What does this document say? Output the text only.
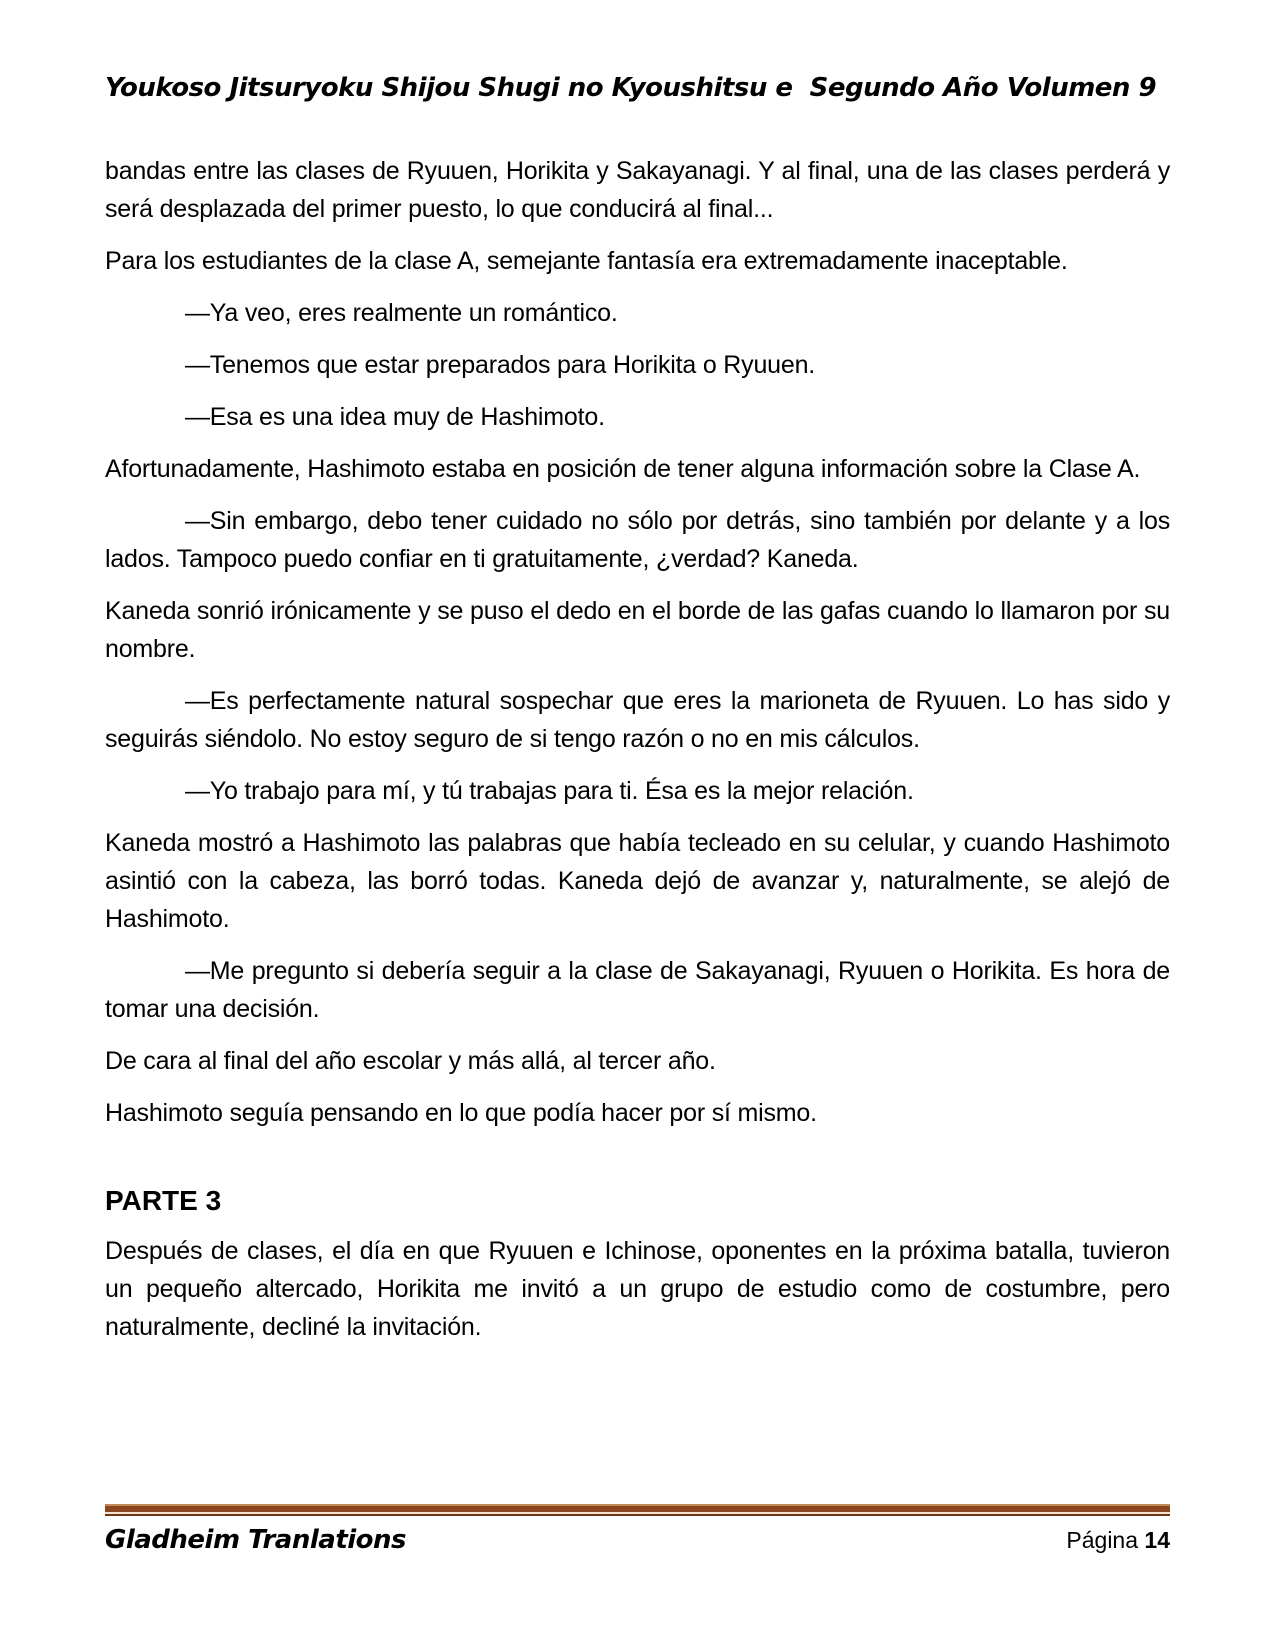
Youkoso Jitsuryoku Shijou Shugi no Kyoushitsu e  Segundo Año Volumen 9

bandas entre las clases de Ryuuen, Horikita y Sakayanagi. Y al final, una de las clases perderá y será desplazada del primer puesto, lo que conducirá al final...

Para los estudiantes de la clase A, semejante fantasía era extremadamente inaceptable.

—Ya veo, eres realmente un romántico.

—Tenemos que estar preparados para Horikita o Ryuuen.

—Esa es una idea muy de Hashimoto.

Afortunadamente, Hashimoto estaba en posición de tener alguna información sobre la Clase A.

—Sin embargo, debo tener cuidado no sólo por detrás, sino también por delante y a los lados. Tampoco puedo confiar en ti gratuitamente, ¿verdad? Kaneda.

Kaneda sonrió irónicamente y se puso el dedo en el borde de las gafas cuando lo llamaron por su nombre.

—Es perfectamente natural sospechar que eres la marioneta de Ryuuen. Lo has sido y seguirás siéndolo. No estoy seguro de si tengo razón o no en mis cálculos.

—Yo trabajo para mí, y tú trabajas para ti. Ésa es la mejor relación.

Kaneda mostró a Hashimoto las palabras que había tecleado en su celular, y cuando Hashimoto asintió con la cabeza, las borró todas. Kaneda dejó de avanzar y, naturalmente, se alejó de Hashimoto.

—Me pregunto si debería seguir a la clase de Sakayanagi, Ryuuen o Horikita. Es hora de tomar una decisión.

De cara al final del año escolar y más allá, al tercer año.

Hashimoto seguía pensando en lo que podía hacer por sí mismo.

PARTE 3

Después de clases, el día en que Ryuuen e Ichinose, oponentes en la próxima batalla, tuvieron un pequeño altercado, Horikita me invitó a un grupo de estudio como de costumbre, pero naturalmente, decliné la invitación.

Gladheim Tranlations	Página 14
